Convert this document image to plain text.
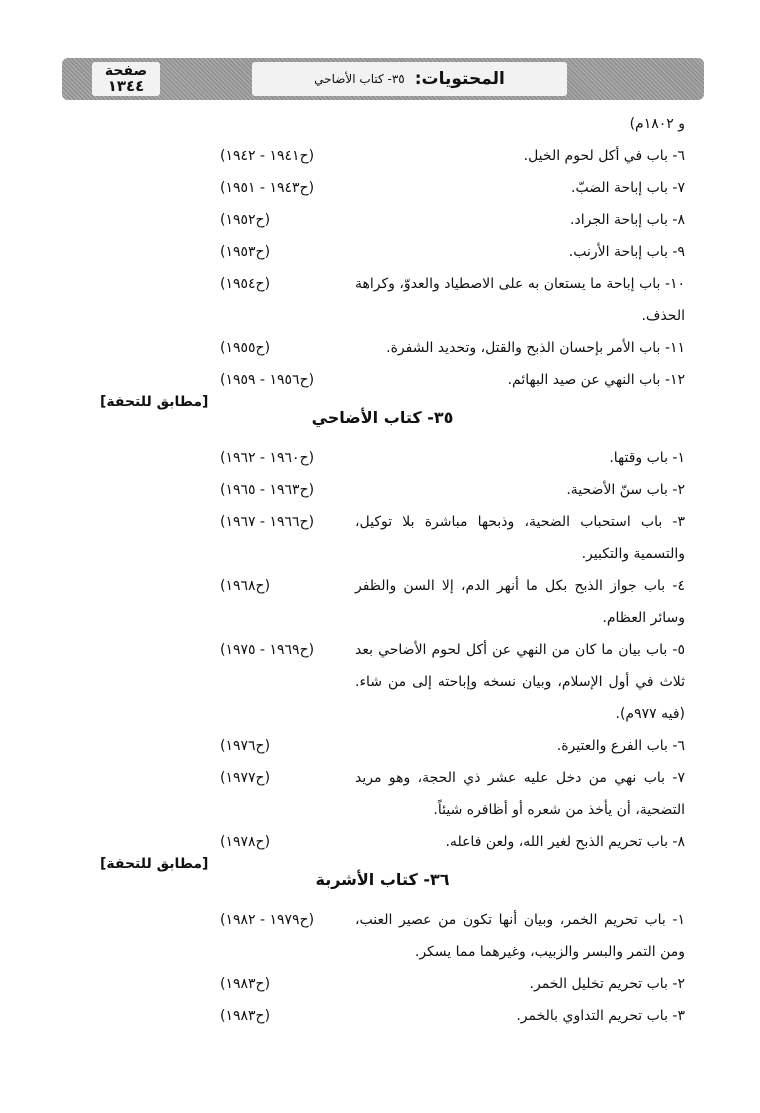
المحتويات:
٣٥- كتاب الأضاحي
صفحة
١٣٤٤
و ١٨٠٢م)
٦- باب في أكل لحوم الخيل.
(ح١٩٤١ - ١٩٤٢)
٧- باب إباحة الضبّ.
(ح١٩٤٣ - ١٩٥١)
٨- باب إباحة الجراد.
(ح١٩٥٢)
٩- باب إباحة الأرنب.
(ح١٩٥٣)
١٠- باب إباحة ما يستعان به على الاصطياد والعدوّ، وكراهة الحذف.
(ح١٩٥٤)
١١- باب الأمر بإحسان الذبح والقتل، وتحديد الشفرة.
(ح١٩٥٥)
١٢- باب النهي عن صيد البهائم.
(ح١٩٥٦ - ١٩٥٩)
[مطابق للتحفة]
٣٥- كتاب الأضاحي
١- باب وقتها.
(ح١٩٦٠ - ١٩٦٢)
٢- باب سنّ الأضحية.
(ح١٩٦٣ - ١٩٦٥)
٣- باب استحباب الضحية، وذبحها مباشرة بلا توكيل، والتسمية والتكبير.
(ح١٩٦٦ - ١٩٦٧)
٤- باب جواز الذبح بكل ما أنهر الدم، إلا السن والظفر وسائر العظام.
(ح١٩٦٨)
٥- باب بيان ما كان من النهي عن أكل لحوم الأضاحي بعد ثلاث في أول الإسلام، وبيان نسخه وإباحته إلى من شاء. (فيه ٩٧٧م).
(ح١٩٦٩ - ١٩٧٥)
٦- باب الفرع والعتيرة.
(ح١٩٧٦)
٧- باب نهي من دخل عليه عشر ذي الحجة، وهو مريد التضحية، أن يأخذ من شعره أو أظافره شيئاً.
(ح١٩٧٧)
٨- باب تحريم الذبح لغير الله، ولعن فاعله.
(ح١٩٧٨)
[مطابق للتحفة]
٣٦- كتاب الأشربة
١- باب تحريم الخمر، وبيان أنها تكون من عصير العنب، ومن التمر والبسر والزبيب، وغيرهما مما يسكر.
(ح١٩٧٩ - ١٩٨٢)
٢- باب تحريم تخليل الخمر.
(ح١٩٨٣)
٣- باب تحريم التداوي بالخمر.
(ح١٩٨٣)
